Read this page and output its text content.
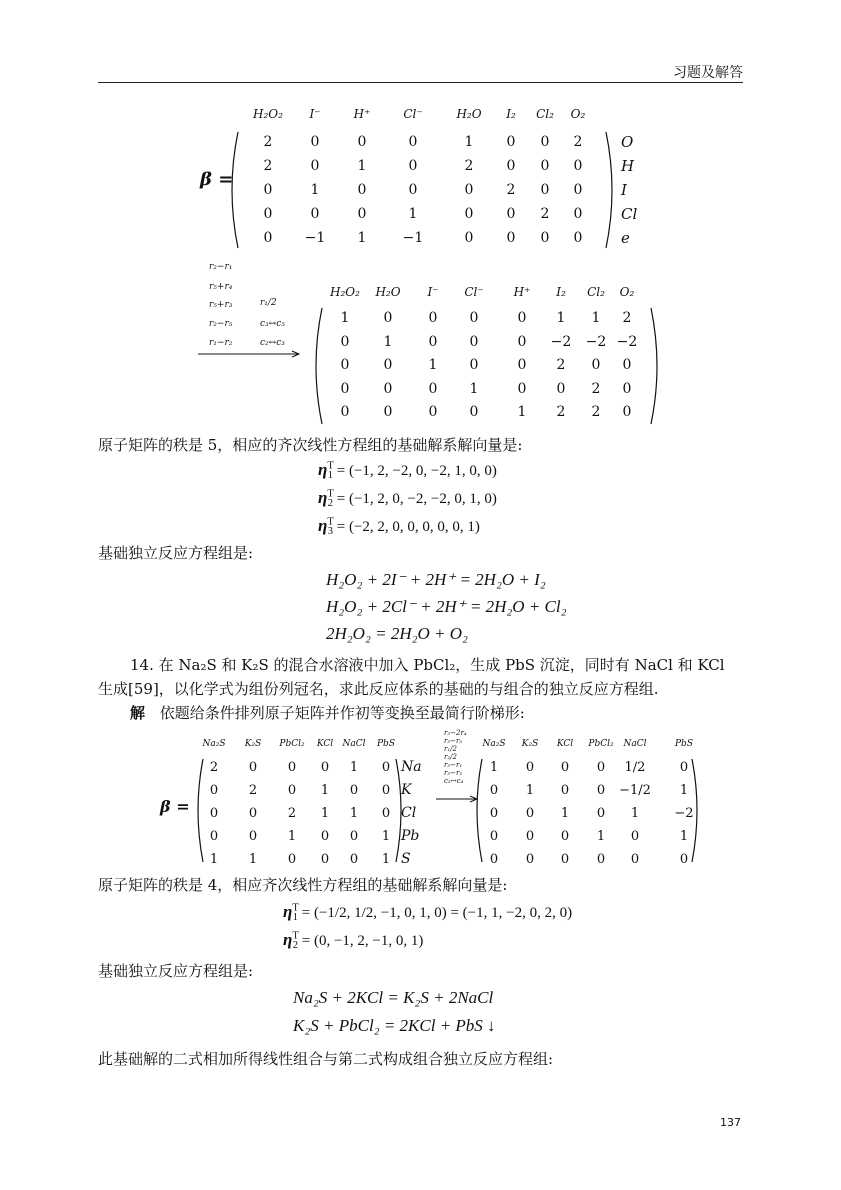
习题及解答
β =
H₂O₂	I⁻	H⁺	Cl⁻	H₂O	I₂	Cl₂	O₂
2	0	0	0	1	0	0	2
2	0	1	0	2	0	0	0
0	1	0	0	0	2	0	0
0	0	0	1	0	0	2	0
0	−1	1	−1	0	0	0	0
O
H
I
Cl
e
r₂−r₁
r₅+r₄
r₅+r₃
r₂−r₅
r₁−r₂
r₁/2
c₃↔c₅
c₂↔c₃
H₂O₂	H₂O	I⁻	Cl⁻	H⁺	I₂	Cl₂	O₂
1	0	0	0	0	1	1	2
0	1	0	0	0	−2 −2 −2
0	0	1	0	0	2	0	0
0	0	0	1	0	0	2	0
0	0	0	0	1	2	2	0
原子矩阵的秩是 5，相应的齐次线性方程组的基础解系解向量是:
$\eta^T_1 = (-1$, 2, −2, 0, −2, 1, 0, 0)
$\eta^T_2 = (-1$, 2, 0, −2, −2, 0, 1, 0)
$\eta^T_3 = (-2$, 2, 0, 0, 0, 0, 0, 1)
基础独立反应方程组是:
H₂O₂ + 2I⁻ + 2H⁺ = 2H₂O + I₂
H₂O₂ + 2Cl⁻ + 2H⁺ = 2H₂O + Cl₂
2H₂O₂ = 2H₂O + O₂
14. 在 Na₂S 和 K₂S 的混合水溶液中加入 PbCl₂，生成 PbS 沉淀，同时有 NaCl 和 KCl
生成[59]，以化学式为组份列冠名，求此反应体系的基础的与组合的独立反应方程组.
解 依题给条件排列原子矩阵并作初等变换至最简行阶梯形:
β =
Na₂S	K₂S	PbCl₂	KCl	NaCl	PbS
2	0	0	0	1	0
0	2	0	1	0	0
0	0	2	1	1	0
0	0	1	0	0	1
1	1	0	0	0	1
Na
K
Cl
Pb
S
r₃−2r₄
r₅−r₃
r₁/2
r₂/2
r₅−r₁
r₅−r₂
c₃↔c₄
Na₂S	K₂S	KCl	PbCl₂	NaCl	PbS
1	0	0	0	1/2	0
0	1	0	0	−1/2	1
0	0	1	0	1	−2
0	0	0	1	0	1
0	0	0	0	0	0
原子矩阵的秩是 4，相应齐次线性方程组的基础解系解向量是:
$\eta^T_1 = (-1/2$, 1/2, −1, 0, 1, 0) = (−1, 1, −2, 0, 2, 0)
$\eta^T_2 = (0$, −1, 2, −1, 0, 1)
基础独立反应方程组是:
Na₂S + 2KCl = K₂S + 2NaCl
K₂S + PbCl₂ = 2KCl + PbS ↓
此基础解的二式相加所得线性组合与第二式构成组合独立反应方程组:
137
